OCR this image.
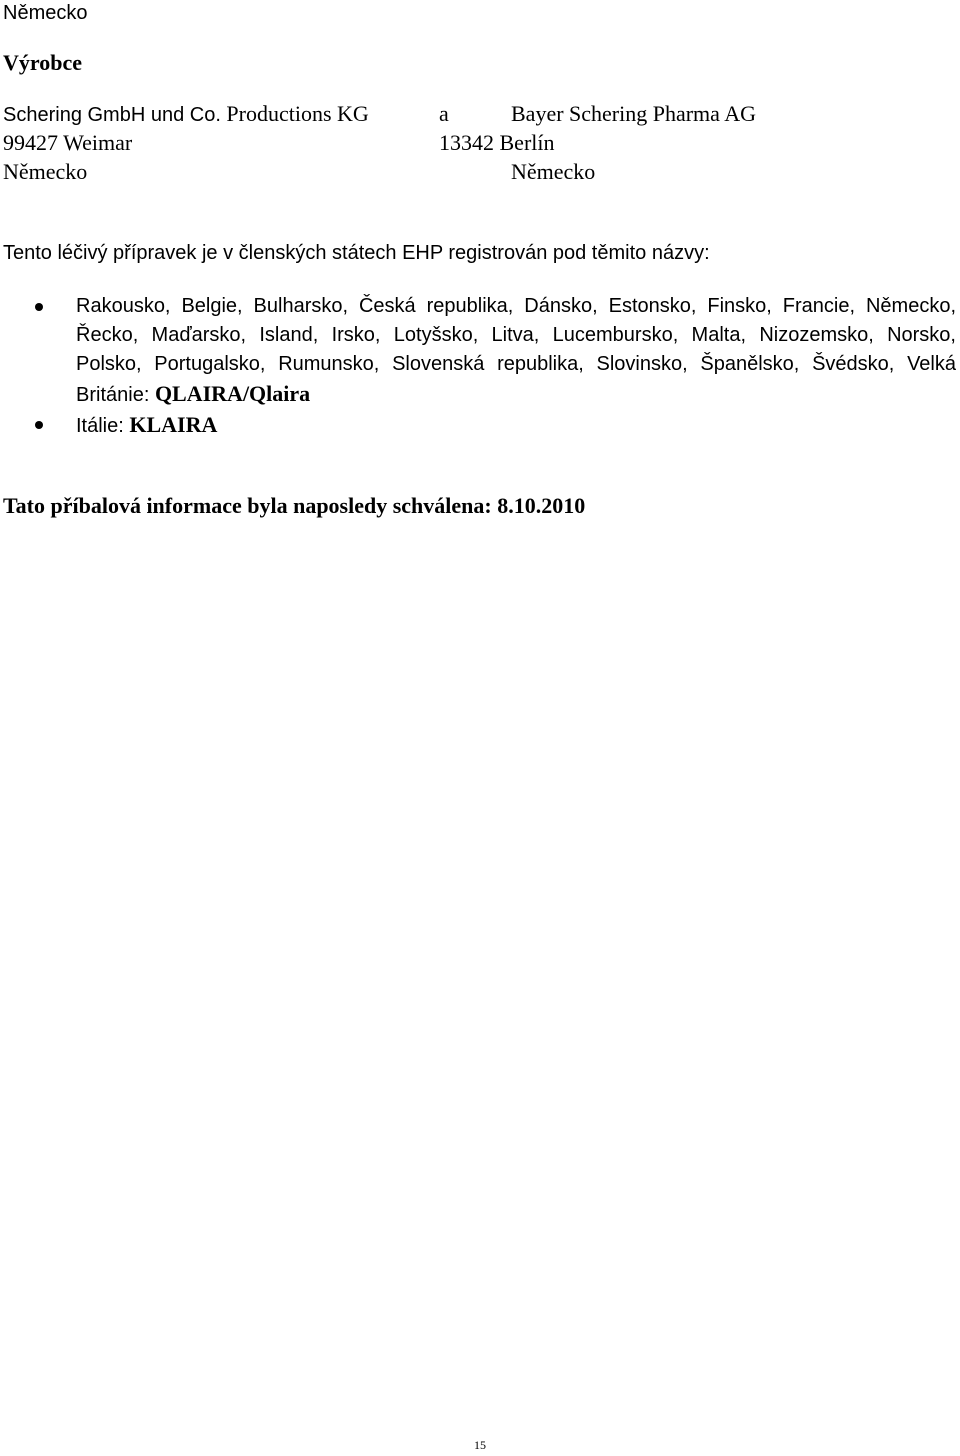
Německo
Výrobce
Schering GmbH und Co. Productions KG
99427 Weimar
Německo
a	Bayer Schering Pharma AG
13342 Berlín
Německo
Tento léčivý přípravek je v členských státech EHP registrován pod těmito názvy:
Rakousko, Belgie, Bulharsko, Česká republika, Dánsko, Estonsko, Finsko, Francie, Německo, Řecko, Maďarsko, Island, Irsko, Lotyšsko, Litva, Lucembursko, Malta, Nizozemsko, Norsko, Polsko, Portugalsko, Rumunsko, Slovenská republika, Slovinsko, Španělsko, Švédsko, Velká Británie: QLAIRA/Qlaira
Itálie: KLAIRA
Tato příbalová informace byla naposledy schválena: 8.10.2010
15
